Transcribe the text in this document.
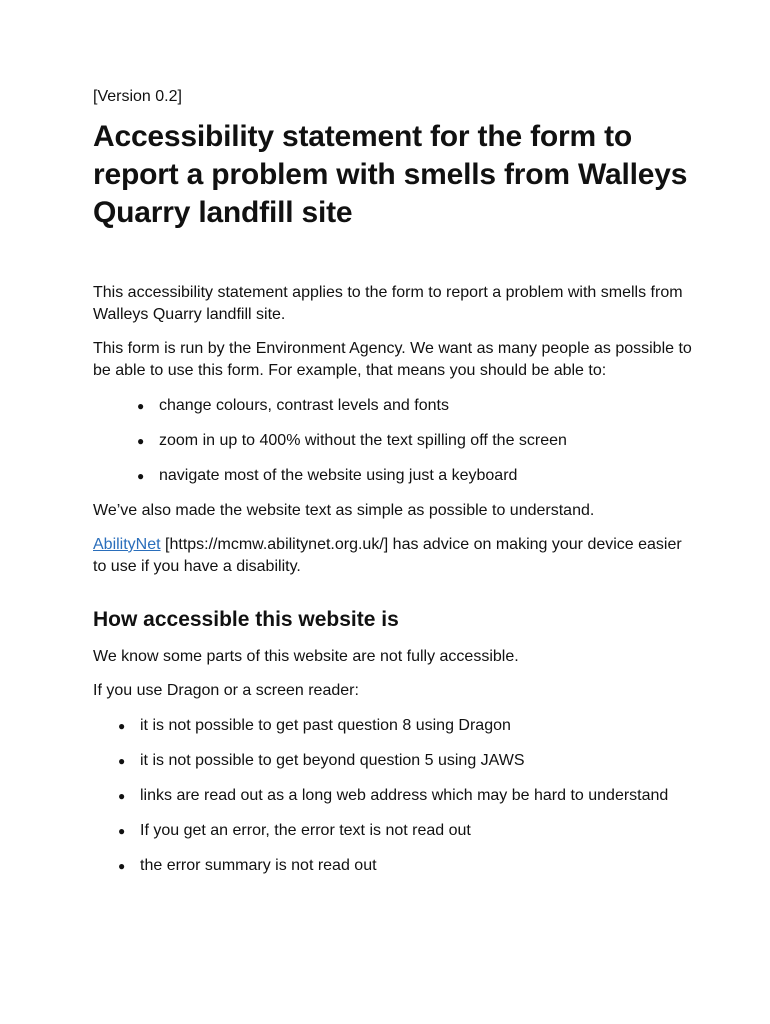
[Version 0.2]

Accessibility statement for the form to report a problem with smells from Walleys Quarry landfill site

This accessibility statement applies to the form to report a problem with smells from Walleys Quarry landfill site.

This form is run by the Environment Agency. We want as many people as possible to be able to use this form. For example, that means you should be able to:

● change colours, contrast levels and fonts
● zoom in up to 400% without the text spilling off the screen
● navigate most of the website using just a keyboard

We’ve also made the website text as simple as possible to understand.

AbilityNet [https://mcmw.abilitynet.org.uk/] has advice on making your device easier to use if you have a disability.

How accessible this website is

We know some parts of this website are not fully accessible.

If you use Dragon or a screen reader:

● it is not possible to get past question 8 using Dragon
● it is not possible to get beyond question 5 using JAWS
● links are read out as a long web address which may be hard to understand
● If you get an error, the error text is not read out
● the error summary is not read out
